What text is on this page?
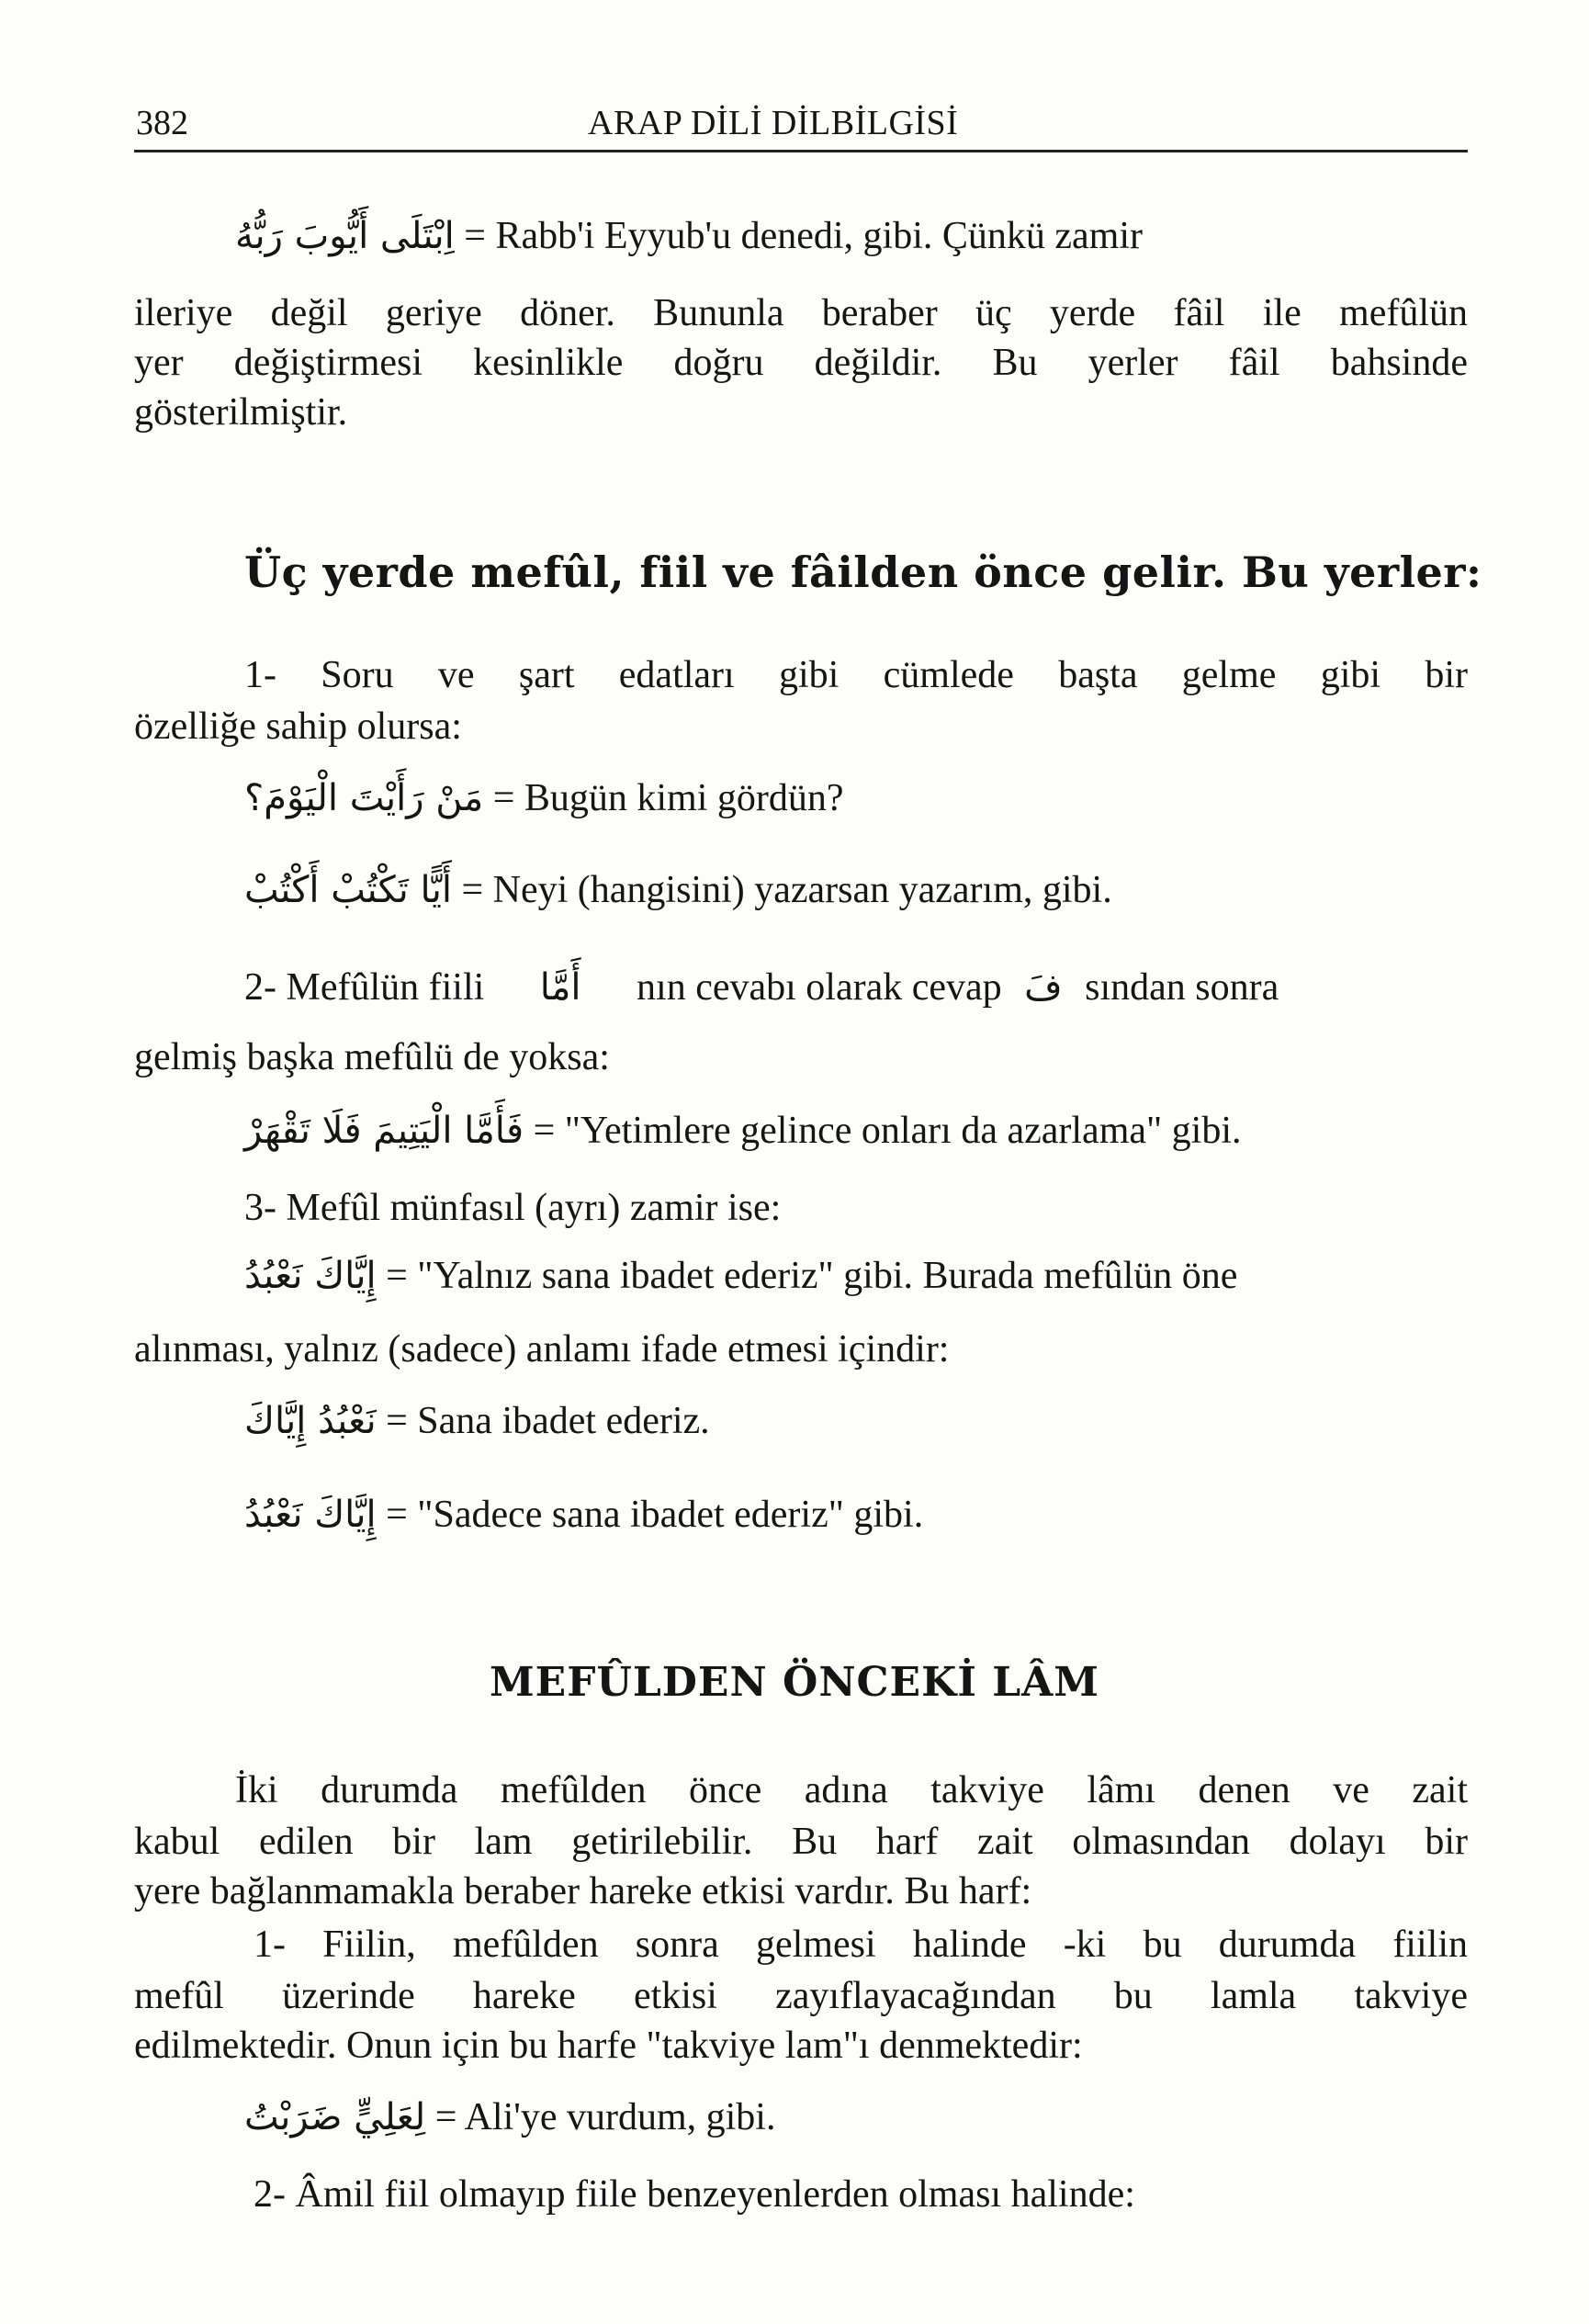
382	ARAP DİLİ DİLBİLGİSİ
اِبْتَلَى أَيُّوبَ رَبُّهُ = Rabb'i Eyyub'u denedi, gibi. Çünkü zamir
ileriye değil geriye döner. Bununla beraber üç yerde fâil ile mefûlün
yer değiştirmesi kesinlikle doğru değildir. Bu yerler fâil bahsinde
gösterilmiştir.
Üç yerde mefûl, fiil ve fâilden önce gelir. Bu yerler:
1- Soru ve şart edatları gibi cümlede başta gelme gibi bir
özelliğe sahip olursa:
مَنْ رَأَيْتَ الْيَوْمَ؟ = Bugün kimi gördün?
أَيًّا تَكْتُبْ أَكْتُبْ = Neyi (hangisini) yazarsan yazarım, gibi.
2- Mefûlün fiili أَمَّا nın cevabı olarak cevap فَ sından sonra
gelmiş başka mefûlü de yoksa:
فَأَمَّا الْيَتِيمَ فَلَا تَقْهَرْ = "Yetimlere gelince onları da azarlama" gibi.
3- Mefûl münfasıl (ayrı) zamir ise:
إِيَّاكَ نَعْبُدُ = "Yalnız sana ibadet ederiz" gibi. Burada mefûlün öne
alınması, yalnız (sadece) anlamı ifade etmesi içindir:
نَعْبُدُ إِيَّاكَ = Sana ibadet ederiz.
إِيَّاكَ نَعْبُدُ = "Sadece sana ibadet ederiz" gibi.
MEFÛLDEN ÖNCEKİ LÂM
İki durumda mefûlden önce adına takviye lâmı denen ve zait
kabul edilen bir lam getirilebilir. Bu harf zait olmasından dolayı bir
yere bağlanmamakla beraber hareke etkisi vardır. Bu harf:
1- Fiilin, mefûlden sonra gelmesi halinde -ki bu durumda fiilin
mefûl üzerinde hareke etkisi zayıflayacağından bu lamla takviye
edilmektedir. Onun için bu harfe "takviye lam"ı denmektedir:
لِعَلِيٍّ ضَرَبْتُ = Ali'ye vurdum, gibi.
2- Âmil fiil olmayıp fiile benzeyenlerden olması halinde:
